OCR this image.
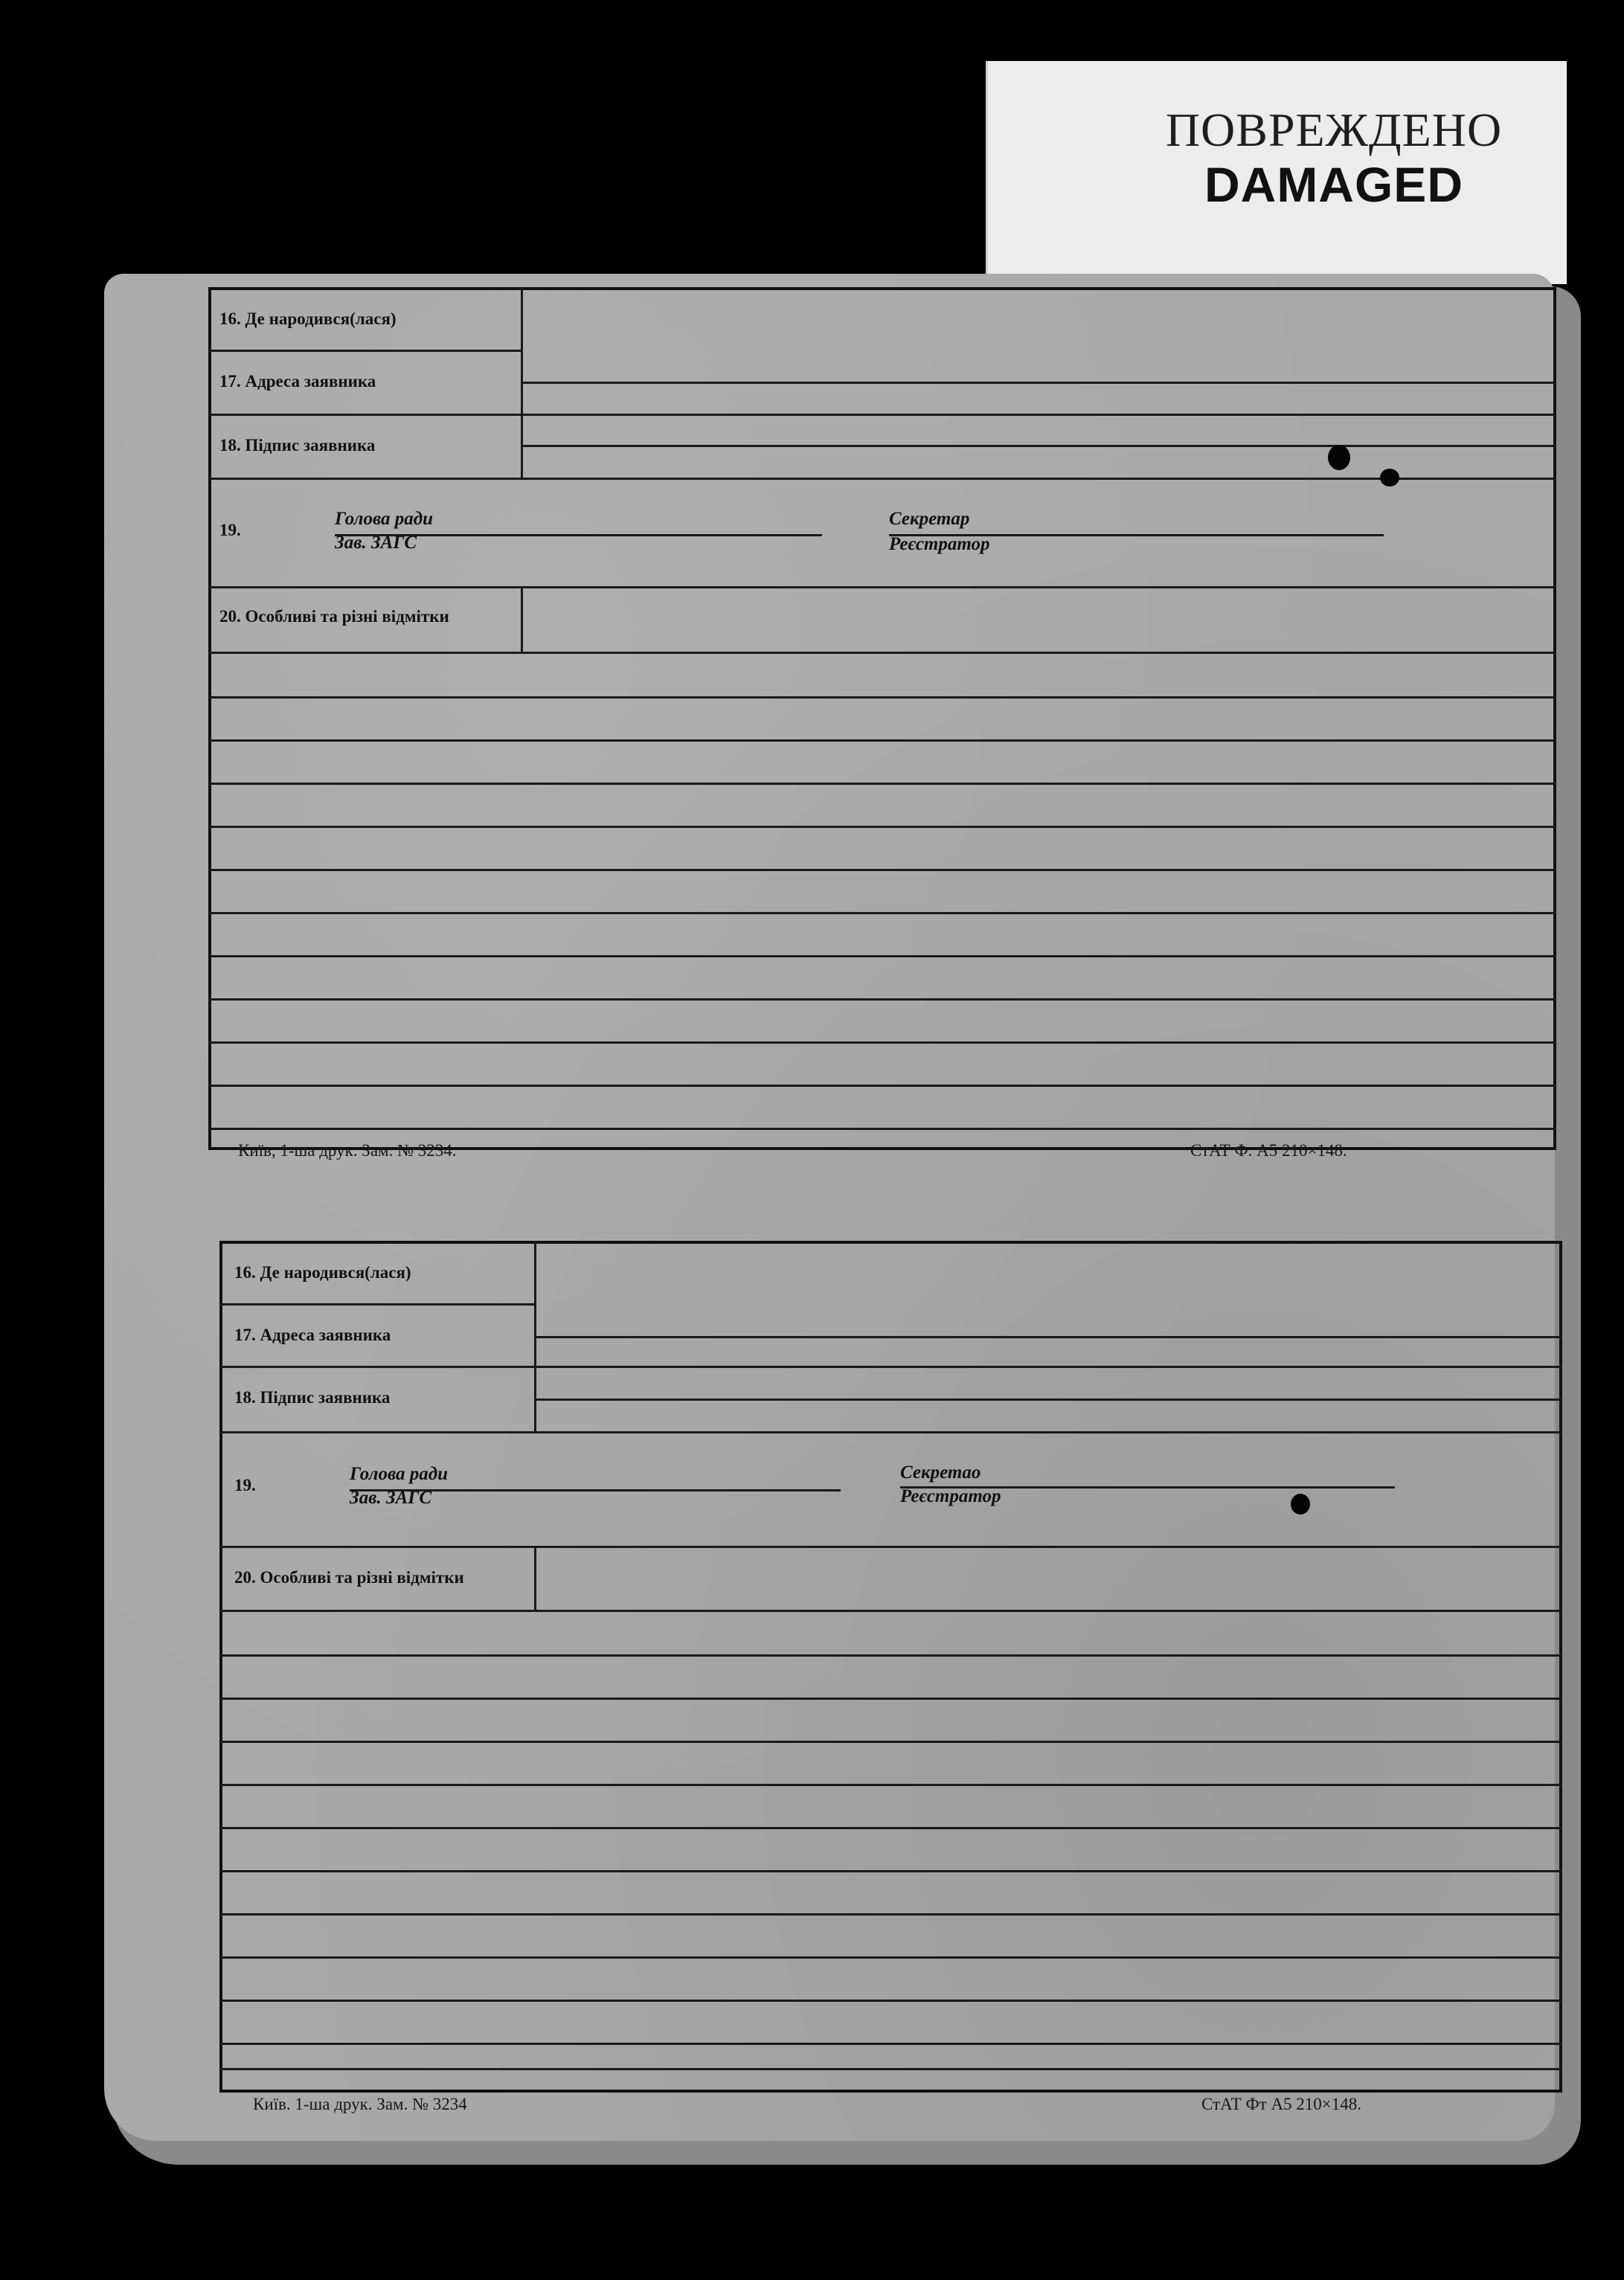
ПОВРЕЖДЕНО
DAMAGED
16. Де народився(лася)
17. Адреса заявника
18. Підпис заявника
19.
Голова ради
Зав. ЗАГС
Секретар
Реєстратор
20. Особливі та різні відмітки
Київ, 1-ша друк. Зам. № 3234.	СтАТ Ф. А5 210×148.
16. Де народився(лася)
17. Адреса заявника
18. Підпис заявника
19.
Голова ради
Зав. ЗАГС
Секретао
Реєстратор
20. Особливі та різні відмітки
Київ. 1-ша друк. Зам. № 3234	СтАТ Фт А5 210×148.
